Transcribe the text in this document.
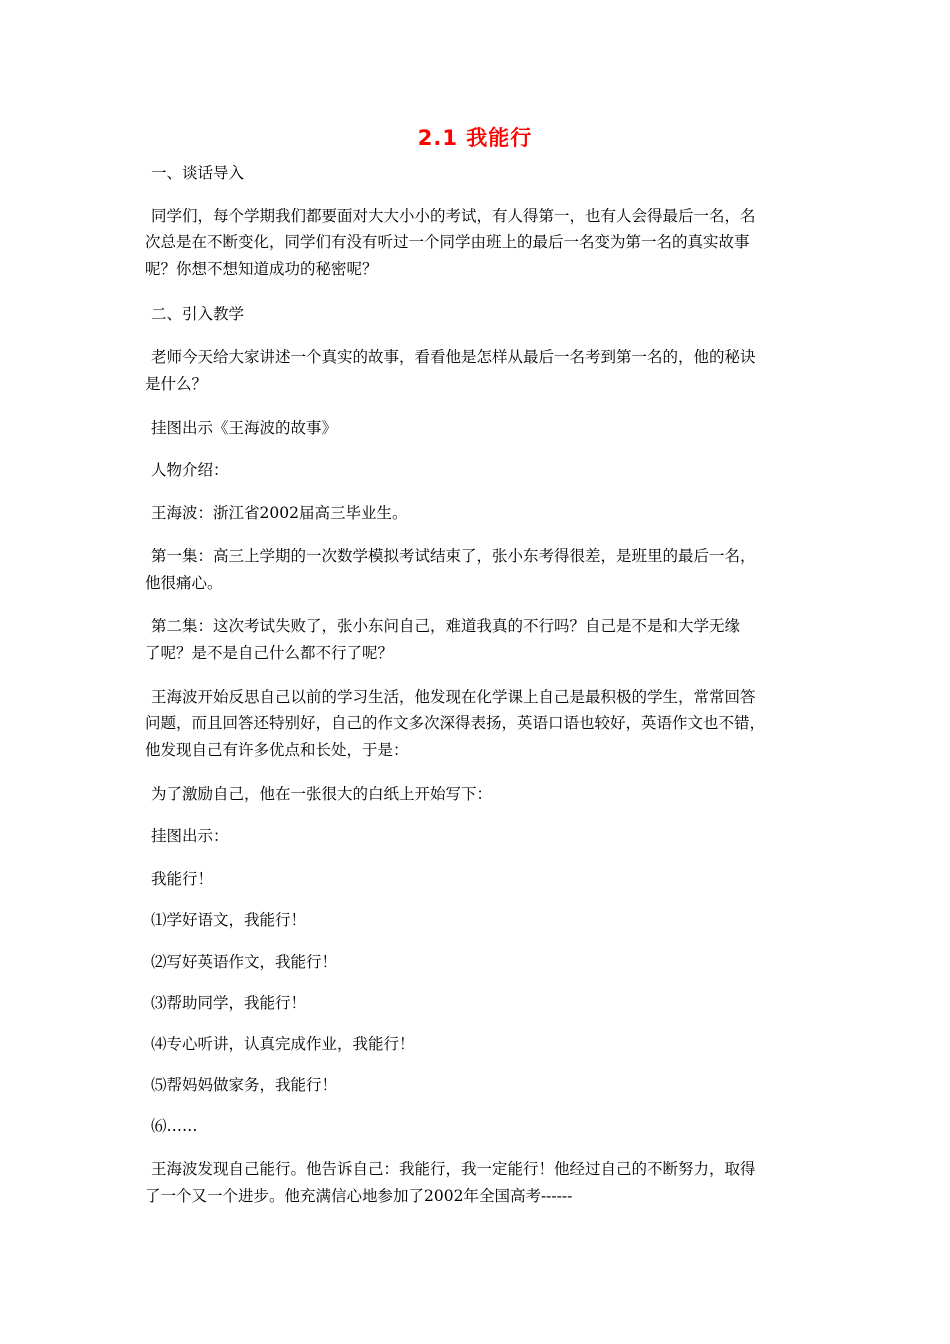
2.1 我能行
一、谈话导入
同学们，每个学期我们都要面对大大小小的考试，有人得第一，也有人会得最后一名，名
次总是在不断变化，同学们有没有听过一个同学由班上的最后一名变为第一名的真实故事
呢？你想不想知道成功的秘密呢？
二、引入教学
老师今天给大家讲述一个真实的故事，看看他是怎样从最后一名考到第一名的，他的秘诀
是什么？
挂图出示《王海波的故事》
人物介绍：
王海波：浙江省2002届高三毕业生。
第一集：高三上学期的一次数学模拟考试结束了，张小东考得很差，是班里的最后一名，
他很痛心。
第二集：这次考试失败了，张小东问自己，难道我真的不行吗？自己是不是和大学无缘
了呢？是不是自己什么都不行了呢？
王海波开始反思自己以前的学习生活，他发现在化学课上自己是最积极的学生，常常回答
问题，而且回答还特别好，自己的作文多次深得表扬，英语口语也较好，英语作文也不错，
他发现自己有许多优点和长处，于是：
为了激励自己，他在一张很大的白纸上开始写下：
挂图出示：
我能行！
⑴学好语文，我能行！
⑵写好英语作文，我能行！
⑶帮助同学，我能行！
⑷专心听讲，认真完成作业，我能行！
⑸帮妈妈做家务，我能行！
⑹……
王海波发现自己能行。他告诉自己：我能行，我一定能行！他经过自己的不断努力，取得
了一个又一个进步。他充满信心地参加了2002年全国高考------
